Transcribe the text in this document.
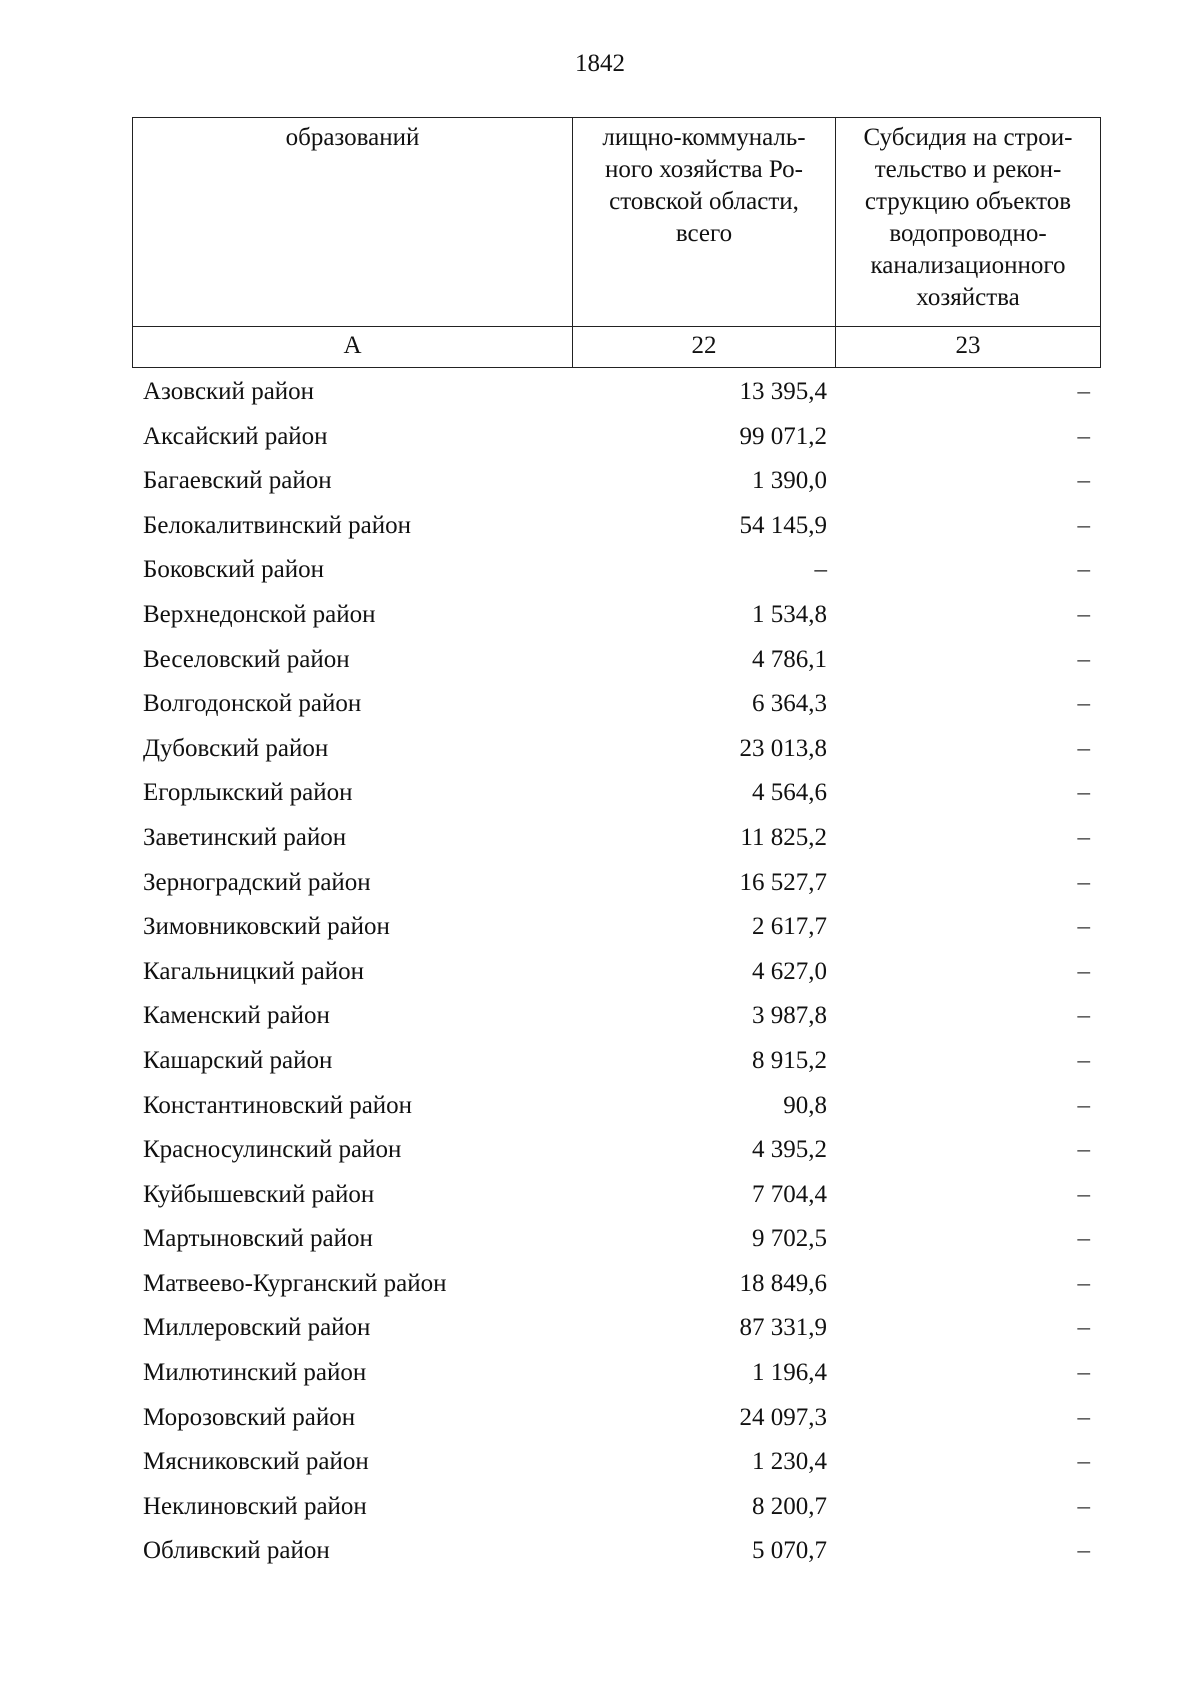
1842
образований	лищно-коммуналь-ного хозяйства Ро-стовской области, всего	Субсидия на строи-тельство и рекон-струкцию объектов водопроводно-канализационного хозяйства
А	22	23
Азовский район	13 395,4	–
Аксайский район	99 071,2	–
Багаевский район	1 390,0	–
Белокалитвинский район	54 145,9	–
Боковский район	–	–
Верхнедонской район	1 534,8	–
Веселовский район	4 786,1	–
Волгодонской район	6 364,3	–
Дубовский район	23 013,8	–
Егорлыкский район	4 564,6	–
Заветинский район	11 825,2	–
Зерноградский район	16 527,7	–
Зимовниковский район	2 617,7	–
Кагальницкий район	4 627,0	–
Каменский район	3 987,8	–
Кашарский район	8 915,2	–
Константиновский район	90,8	–
Красносулинский район	4 395,2	–
Куйбышевский район	7 704,4	–
Мартыновский район	9 702,5	–
Матвеево-Курганский район	18 849,6	–
Миллеровский район	87 331,9	–
Милютинский район	1 196,4	–
Морозовский район	24 097,3	–
Мясниковский район	1 230,4	–
Неклиновский район	8 200,7	–
Обливский район	5 070,7	–
